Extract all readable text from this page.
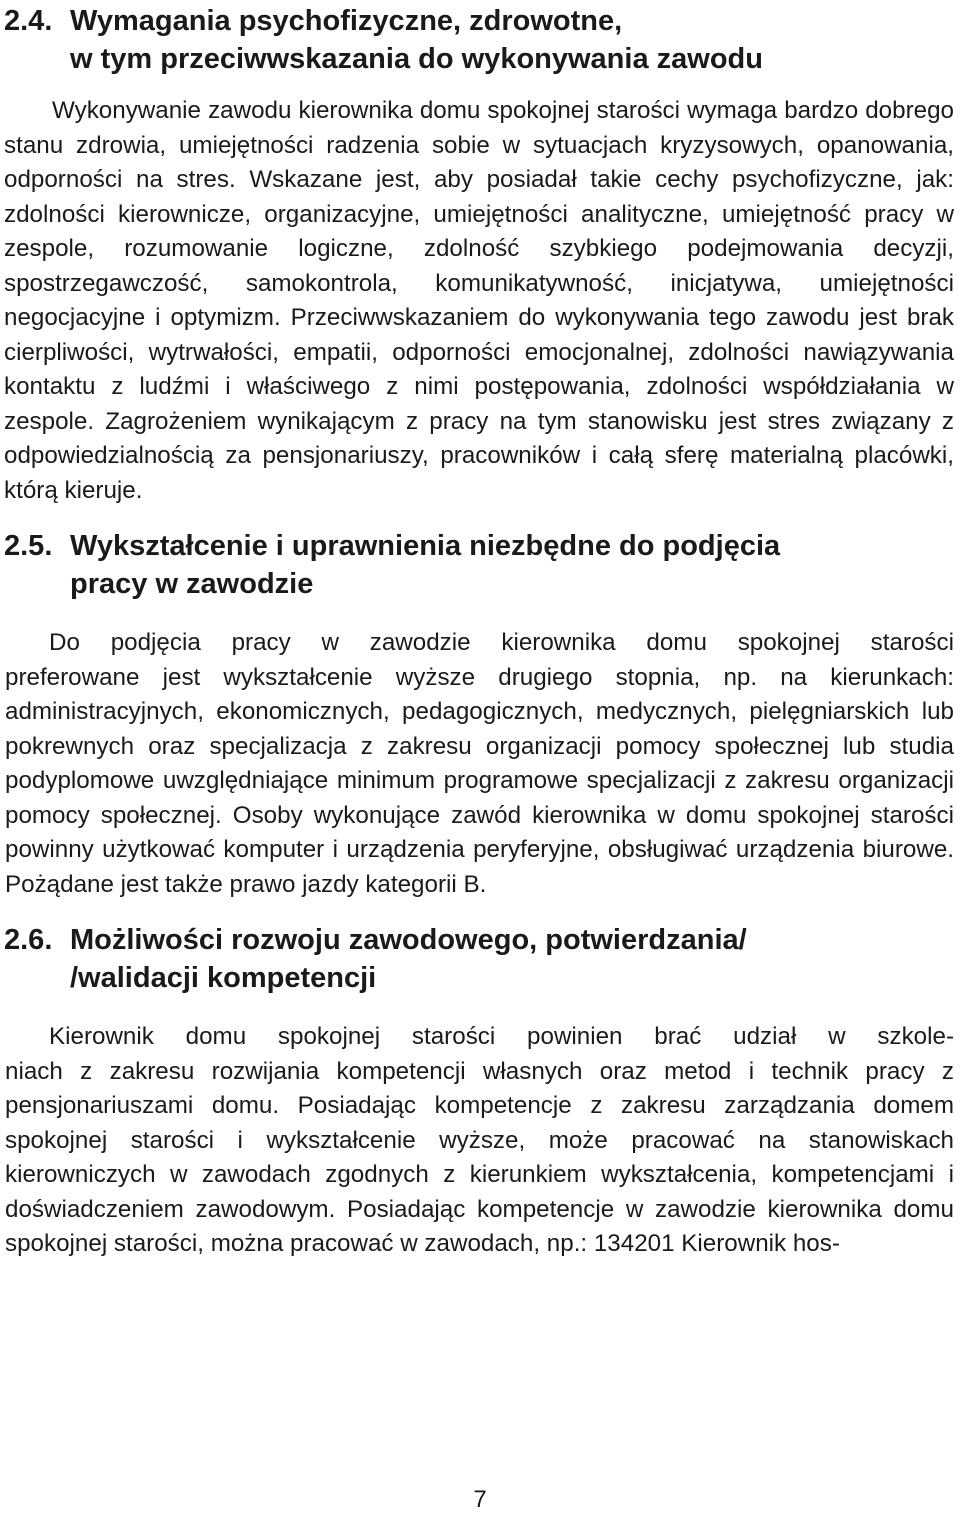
2.4. Wymagania psychofizyczne, zdrowotne,
w tym przeciwwskazania do wykonywania zawodu

Wykonywanie zawodu kierownika domu spokojnej starości wymaga bardzo dobrego stanu zdrowia, umiejętności radzenia sobie w sytuacjach kryzysowych, opanowania, odporności na stres. Wskazane jest, aby posiadał takie cechy psychofizyczne, jak: zdolności kierownicze, organizacyjne, umiejętności analityczne, umiejętność pracy w zespole, rozumowanie logiczne, zdolność szybkiego podejmowania decyzji, spostrzegawczość, samokontrola, komunikatywność, inicjatywa, umiejętności negocjacyjne i optymizm. Przeciwwskazaniem do wykonywania tego zawodu jest brak cierpliwości, wytrwałości, empatii, odporności emocjonalnej, zdolności nawiązywania kontaktu z ludźmi i właściwego z nimi postępowania, zdolności współdziałania w zespole. Zagrożeniem wynikającym z pracy na tym stanowisku jest stres związany z odpowiedzialnością za pensjonariuszy, pracowników i całą sferę materialną placówki, którą kieruje.

2.5. Wykształcenie i uprawnienia niezbędne do podjęcia
pracy w zawodzie

Do podjęcia pracy w zawodzie kierownika domu spokojnej starości
preferowane jest wykształcenie wyższe drugiego stopnia, np. na kierunkach: administracyjnych, ekonomicznych, pedagogicznych, medycznych, pielęgniarskich lub pokrewnych oraz specjalizacja z zakresu organizacji pomocy społecznej lub studia podyplomowe uwzględniające minimum programowe specjalizacji z zakresu organizacji pomocy społecznej. Osoby wykonujące zawód kierownika w domu spokojnej starości powinny użytkować komputer i urządzenia peryferyjne, obsługiwać urządzenia biurowe. Pożądane jest także prawo jazdy kategorii B.

2.6. Możliwości rozwoju zawodowego, potwierdzania/
/walidacji kompetencji

Kierownik domu spokojnej starości powinien brać udział w szkole-
niach z zakresu rozwijania kompetencji własnych oraz metod i technik pracy z pensjonariuszami domu. Posiadając kompetencje z zakresu zarządzania domem spokojnej starości i wykształcenie wyższe, może pracować na stanowiskach kierowniczych w zawodach zgodnych z kierunkiem wykształcenia, kompetencjami i doświadczeniem zawodowym. Posiadając kompetencje w zawodzie kierownika domu spokojnej starości, można pracować w zawodach, np.: 134201 Kierownik hos-

7
